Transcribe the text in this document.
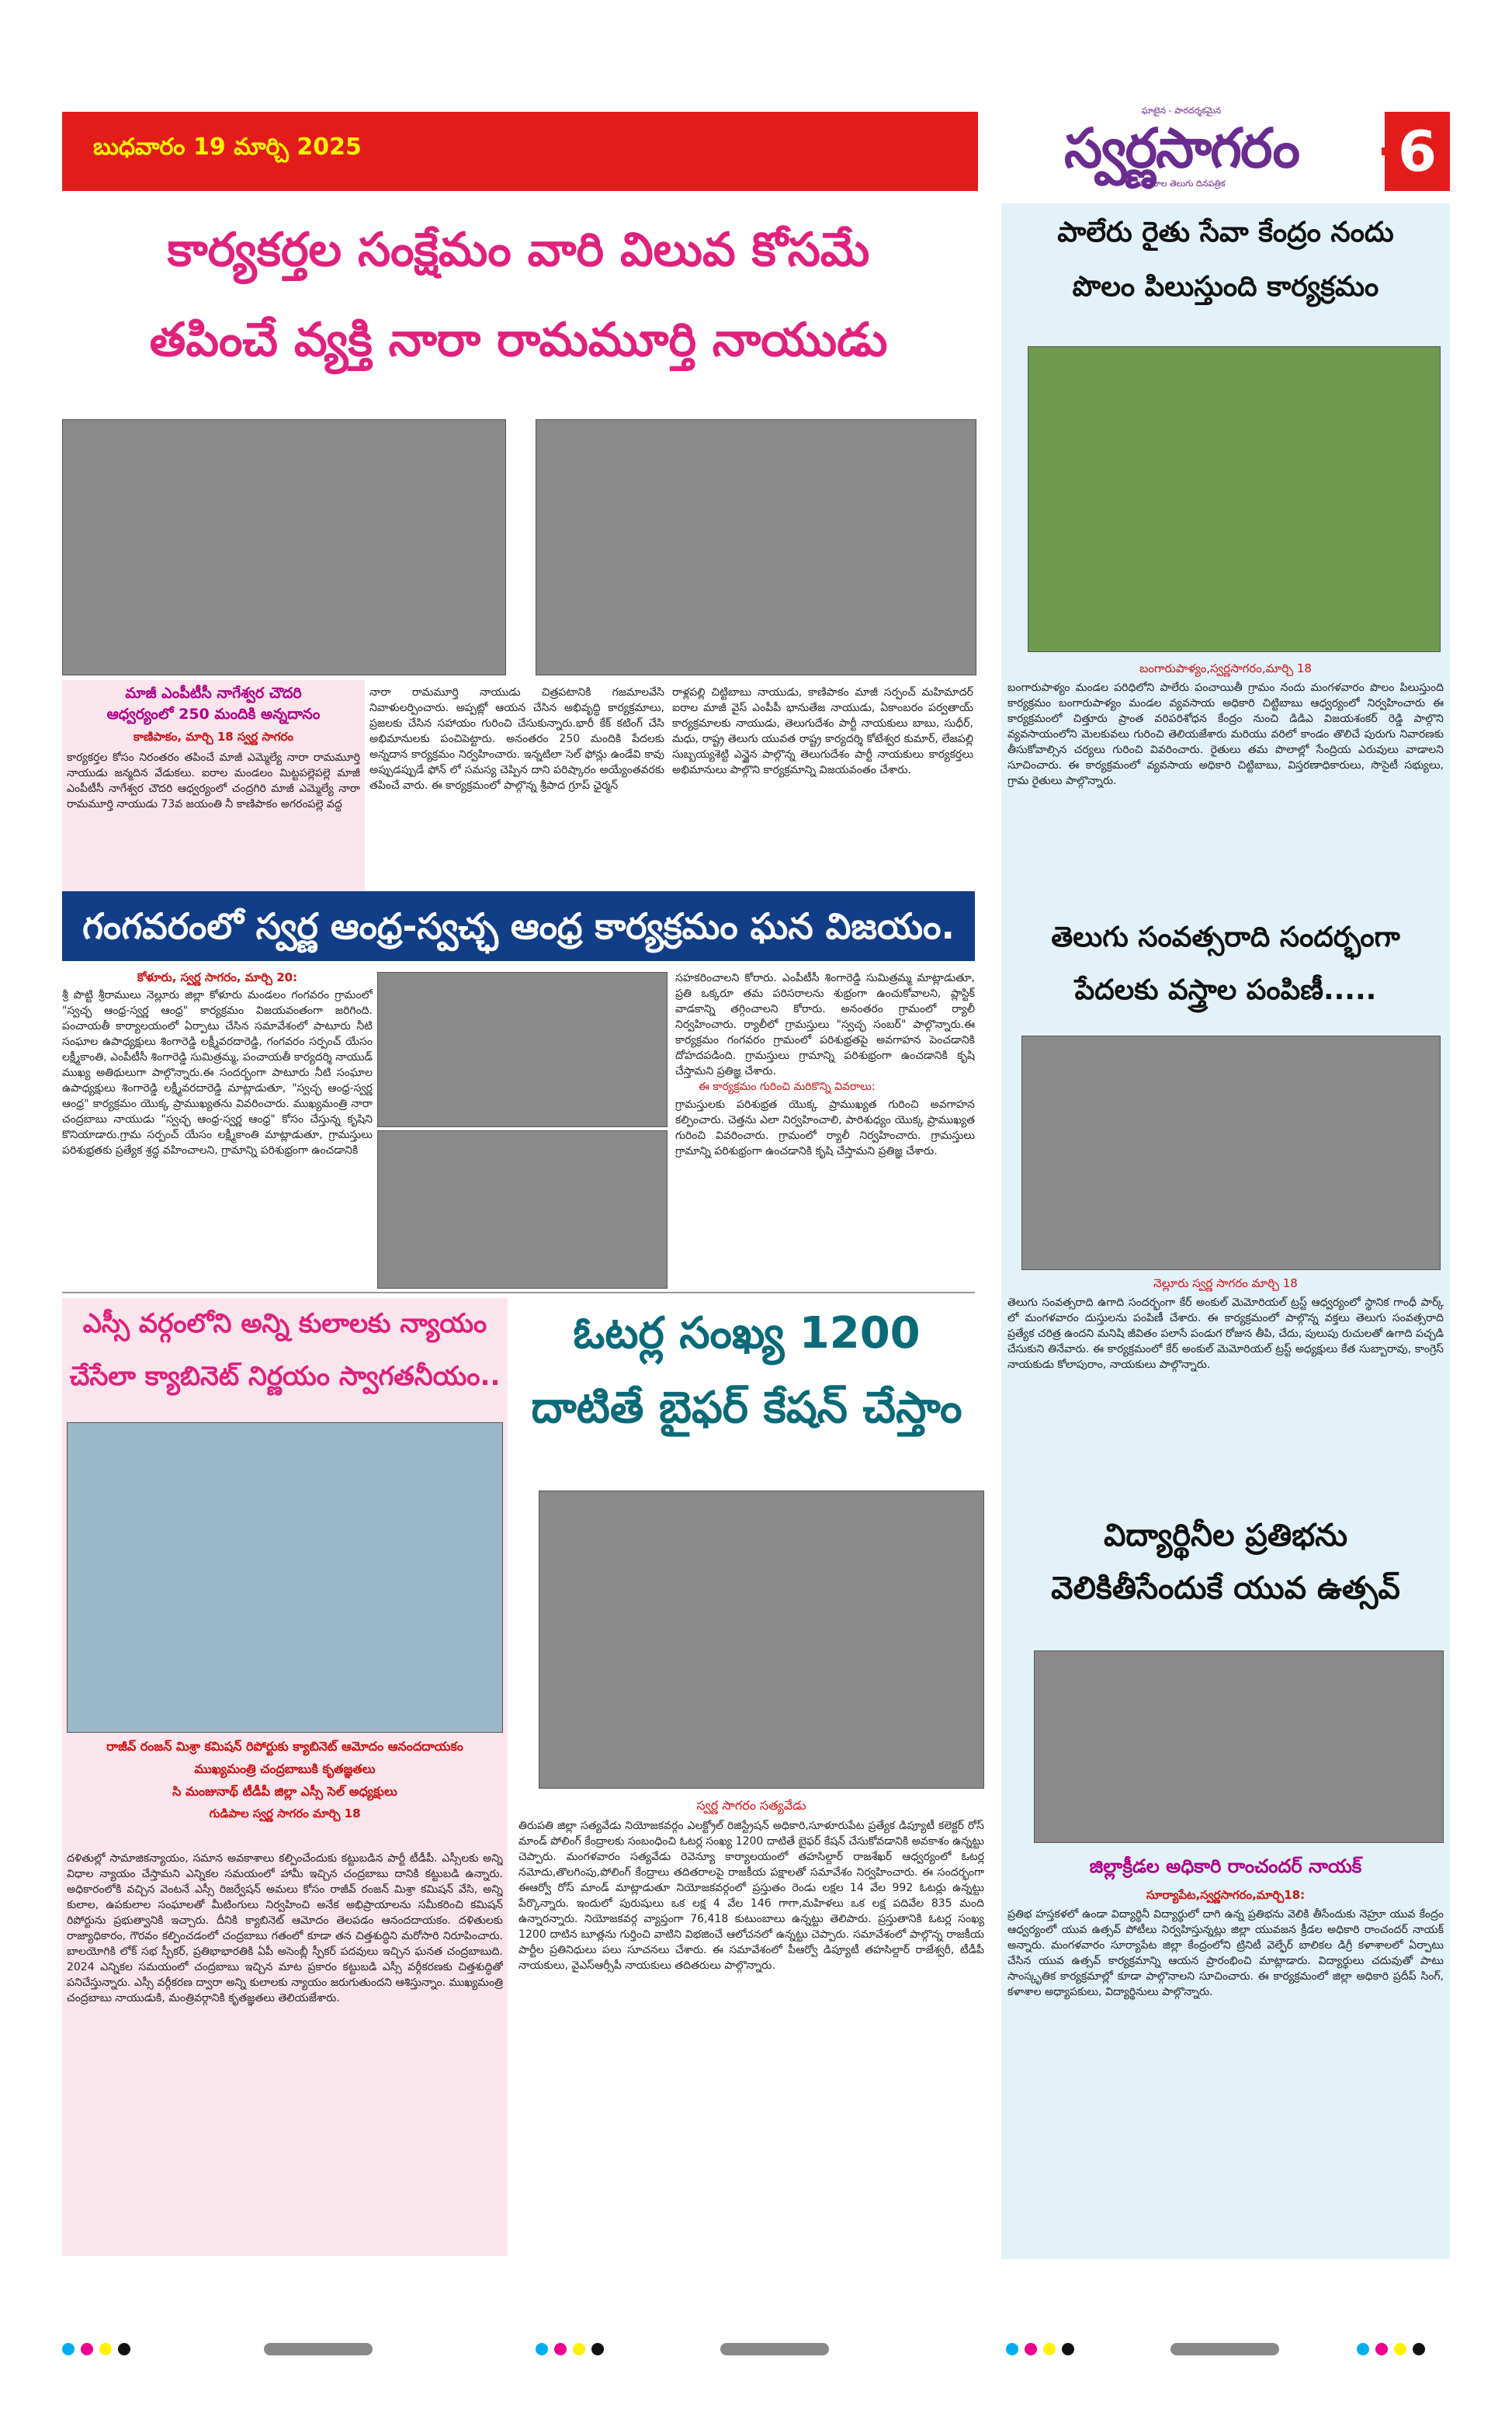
బుధవారం 19 మార్చి 2025
ఘాటైన - పారదర్శకమైన
స్వర్ణసాగరం
వాస్తవాల తెలుగు దినపత్రిక	6
కార్యకర్తల సంక్షేమం వారి విలువ కోసమే
తపించే వ్యక్తి నారా రామమూర్తి నాయుడు
మాజీ ఎంపీటీసీ నాగేశ్వర చౌదరి
ఆధ్వర్యంలో 250 మందికి అన్నదానం
కాణిపాకం, మార్చి 18 స్వర్ణ సాగరం
కార్యకర్తల కోసం నిరంతరం తపించే మాజీ ఎమ్మెల్యే నారా రామమూర్తి నాయుడు జన్మదిన వేడుకలు. ఐరాల మండలం మిట్టపల్లెపల్లె మాజీ ఎంపీటీసీ నాగేశ్వర చౌదరి ఆధ్వర్యంలో చంద్రగిరి మాజీ ఎమ్మెల్యే నారా రామమూర్తి నాయుడు 73వ జయంతి నీ కాణిపాకం అగరంపల్లె వద్ద
నారా రామమూర్తి నాయుడు చిత్రపటానికి గజమాలవేసి నివాళులర్పించారు. అప్పట్లో ఆయన చేసిన అభివృద్ధి కార్యక్రమాలు, ప్రజలకు చేసిన సహాయం గురించి చేసుకున్నారు.భారీ కేక్ కటింగ్ చేసి అభిమానులకు పంచిపెట్టారు. అనంతరం 250 మందికి పేదలకు అన్నదాన కార్యక్రమం నిర్వహించారు. ఇన్నటిలా సెల్ ఫోన్లు ఉండేవి కావు అప్పుడప్పుడే ఫోన్ లో సమస్య చెప్పిన దాని పరిష్కారం అయ్యేంతవరకు తపించే వారు. ఈ కార్యక్రమంలో పాల్గొన్న శ్రీపాద గ్రూప్ ఛైర్మన్
రాళ్లపల్లి చిట్టిబాబు నాయుడు, కాణిపాకం మాజీ సర్పంచ్ మహిమాదర్ ఐరాల మాజీ వైస్ ఎంపీపీ భానుతేజ నాయుడు, ఏకాంబరం పర్వతాయ్ కార్యక్రమాలకు నాయుడు, తెలుగుదేశం పార్టీ నాయకులు బాబు, సుధీర్, మధు, రాష్ట్ర తెలుగు యువత రాష్ట్ర కార్యదర్శి కోటేశ్వర కుమార్, లేజపల్లి సుబ్బయ్యశెట్టి ఎన్జైన పాల్గొన్న తెలుగుదేశం పార్టీ నాయకులు కార్యకర్తలు అభిమానులు పాల్గొని కార్యక్రమాన్ని విజయవంతం చేశారు.
గంగవరంలో స్వర్ణ ఆంధ్ర-స్వచ్ఛ ఆంధ్ర కార్యక్రమం ఘన విజయం.
కోళూరు, స్వర్ణ సాగరం, మార్చి 20:
శ్రీ పొట్టి శ్రీరాములు నెల్లూరు జిల్లా కోళూరు మండలం గంగవరం గ్రామంలో "స్వచ్ఛ ఆంధ్ర-స్వర్ణ ఆంధ్ర" కార్యక్రమం విజయవంతంగా జరిగింది. పంచాయతీ కార్యాలయంలో ఏర్పాటు చేసిన సమావేశంలో పాటూరు నీటి సంఘాల ఉపాధ్యక్షులు శింగారెడ్డి లక్ష్మీవరదారెడ్డి, గంగవరం సర్పంచ్ యేసం లక్ష్మీకాంతి, ఎంపీటీసీ శింగారెడ్డి సుమిత్రమ్మ, పంచాయతీ కార్యదర్శి నాయుడ్ ముఖ్య అతిథులుగా పాల్గొన్నారు.ఈ సందర్భంగా పాటూరు నీటి సంఘాల ఉపాధ్యక్షులు శింగారెడ్డి లక్ష్మీవరదారెడ్డి మాట్లాడుతూ, "స్వచ్ఛ ఆంధ్ర-స్వర్ణ ఆంధ్ర" కార్యక్రమం యొక్క ప్రాముఖ్యతను వివరించారు. ముఖ్యమంత్రి నారా చంద్రబాబు నాయుడు "స్వచ్ఛ ఆంధ్ర-స్వర్ణ ఆంధ్ర" కోసం చేస్తున్న కృషిని కొనియాడారు.గ్రామ సర్పంచ్ యేసం లక్ష్మీకాంతి మాట్లాడుతూ, గ్రామస్తులు పరిశుభ్రతకు ప్రత్యేక శ్రద్ధ వహించాలని, గ్రామాన్ని పరిశుభ్రంగా ఉంచడానికి
సహకరించాలని కోరారు. ఎంపీటీసీ శింగారెడ్డి సుమిత్రమ్మ మాట్లాడుతూ, ప్రతి ఒక్కరూ తమ పరిసరాలను శుభ్రంగా ఉంచుకోవాలని, ప్లాస్టిక్ వాడకాన్ని తగ్గించాలని కోరారు. అనంతరం గ్రామంలో ర్యాలీ నిర్వహించారు. ర్యాలీలో గ్రామస్తులు "స్వచ్ఛ సంబర్" పాల్గొన్నారు.ఈ కార్యక్రమం గంగవరం గ్రామంలో పరిశుభ్రతపై అవగాహన పెంచడానికి దోహదపడింది. గ్రామస్తులు గ్రామాన్ని పరిశుభ్రంగా ఉంచడానికి కృషి చేస్తామని ప్రతిజ్ఞ చేశారు.
ఈ కార్యక్రమం గురించి మరికొన్ని వివరాలు:
గ్రామస్తులకు పరిశుభ్రత యొక్క ప్రాముఖ్యత గురించి అవగాహన కల్పించారు. చెత్తను ఎలా నిర్వహించాలి, పారిశుధ్యం యొక్క ప్రాముఖ్యత గురించి వివరించారు. గ్రామంలో ర్యాలీ నిర్వహించారు. గ్రామస్తులు గ్రామాన్ని పరిశుభ్రంగా ఉంచడానికి కృషి చేస్తామని ప్రతిజ్ఞ చేశారు.
ఎస్సీ వర్గంలోని అన్ని కులాలకు న్యాయం
చేసేలా క్యాబినెట్ నిర్ణయం స్వాగతనీయం..
రాజీవ్ రంజన్ మిశ్రా కమిషన్ రిపోర్టుకు క్యాబినెట్ ఆమోదం ఆనందదాయకం
ముఖ్యమంత్రి చంద్రబాబుకి కృతజ్ఞతలు
సి మంజునాథ్ టీడీపీ జిల్లా ఎస్సీ సెల్ అధ్యక్షులు
గుడిపాల స్వర్ణ సాగరం మార్చి 18
దళితుల్లో సామాజికన్యాయం, సమాన అవకాశాలు కల్పించేందుకు కట్టుబడిన పార్టీ టీడీపీ. ఎస్సీలకు అన్ని విధాల న్యాయం చేస్తామని ఎన్నికల సమయంలో హామీ ఇచ్చిన చంద్రబాబు దానికి కట్టుబడి ఉన్నారు. అధికారంలోకి వచ్చిన వెంటనే ఎస్సీ రిజర్వేషన్ అమలు కోసం రాజీవ్ రంజన్ మిశ్రా కమిషన్ వేసి, అన్ని కులాల, ఉపకులాల సంఘాలతో మీటింగులు నిర్వహించి అనేక అభిప్రాయాలను సమీకరించి కమిషన్ రిపోర్టును ప్రభుత్వానికి ఇచ్చారు. దీనికి క్యాబినెట్ ఆమోదం తెలపడం ఆనందదాయకం. దళితులకు రాజ్యాధికారం, గౌరవం కల్పించడంలో చంద్రబాబు గతంలో కూడా తన చిత్తశుద్ధిని మరోసారి నిరూపించారు. బాలయోగికి లోక్ సభ స్పీకర్, ప్రతిభాభారతికి ఏపీ అసెంబ్లీ స్పీకర్ పదవులు ఇచ్చిన ఘనత చంద్రబాబుది. 2024 ఎన్నికల సమయంలో చంద్రబాబు ఇచ్చిన మాట ప్రకారం కట్టుబడి ఎస్సీ వర్గీకరణకు చిత్తశుద్ధితో పనిచేస్తున్నారు. ఎస్సీ వర్గీకరణ ద్వారా అన్ని కులాలకు న్యాయం జరుగుతుందని ఆశిస్తున్నాం. ముఖ్యమంత్రి చంద్రబాబు నాయుడుకి, మంత్రివర్గానికి కృతజ్ఞతలు తెలియజేశారు.
ఓటర్ల సంఖ్య 1200
దాటితే బైఫర్ కేషన్ చేస్తాం
స్వర్ణ సాగరం సత్యవేడు
తిరుపతి జిల్లా సత్యవేడు నియోజకవర్గం ఎలక్ట్రోల్ రిజిస్ట్రేషన్ అధికారి,సూళూరుపేట ప్రత్యేక డిప్యూటీ కలెక్టర్ రోస్ మాండ్ పోలింగ్ కేంద్రాలకు సంబంధించి ఓటర్ల సంఖ్య 1200 దాటితే బైఫర్ కేషన్ చేసుకోవడానికి అవకాశం ఉన్నట్టు చెప్పారు. మంగళవారం సత్యవేడు రెవెన్యూ కార్యాలయంలో తహసిల్దార్ రాజశేఖర్ ఆధ్వర్యంలో ఓటర్ల నమోదు,తొలగింపు,పోలింగ్ కేంద్రాలు తదితరాలపై రాజకీయ పక్షాలతో సమావేశం నిర్వహించారు. ఈ సందర్భంగా ఈఆర్వో రోస్ మాండ్ మాట్లాడుతూ నియోజకవర్గంలో ప్రస్తుతం రెండు లక్షల 14 వేల 992 ఓటర్లు ఉన్నట్టు పేర్కొన్నారు. ఇందులో పురుషులు ఒక లక్ష 4 వేల 146 గాగా,మహిళలు ఒక లక్ష పదివేల 835 మంది ఉన్నారన్నారు. నియోజకవర్గ వ్యాప్తంగా 76,418 కుటుంబాలు ఉన్నట్టు తెలిపారు. ప్రస్తుతానికి ఓటర్ల సంఖ్య 1200 దాటిన బూత్లను గుర్తించి వాటిని విభజించే ఆలోచనలో ఉన్నట్టు చెప్పారు. సమావేశంలో పాల్గొన్న రాజకీయ పార్టీల ప్రతినిధులు పలు సూచనలు చేశారు. ఈ సమావేశంలో పీఆర్వో డిప్యూటీ తహసిల్దార్ రాజేశ్వరీ, టీడీపీ నాయకులు, వైఎస్ఆర్సీపీ నాయకులు తదితరులు పాల్గొన్నారు.
పాలేరు రైతు సేవా కేంద్రం నందు
పొలం పిలుస్తుంది కార్యక్రమం
బంగారుపాళ్యం,స్వర్ణసాగరం,మార్చి 18
బంగారుపాళ్యం మండల పరిధిలోని పాలేరు పంచాయితీ గ్రామం నందు మంగళవారం పొలం పిలుస్తుంది కార్యక్రమం బంగారుపాళ్యం మండల వ్యవసాయ అధికారి చిట్టిబాబు ఆధ్వర్యంలో నిర్వహించారు ఈ కార్యక్రమంలో చిత్తూరు ప్రాంత వరిపరిశోధన కేంద్రం నుంచి డిడిఎ విజయశంకర్ రెడ్డి పాల్గొని వ్యవసాయంలోని మెలకువలు గురించి తెలియజేశారు మరియు వరిలో కాండం తొలిచే పురుగు నివారణకు తీసుకోవాల్సిన చర్యలు గురించి వివరించారు. రైతులు తమ పొలాల్లో సేంద్రియ ఎరువులు వాడాలని సూచించారు. ఈ కార్యక్రమంలో వ్యవసాయ అధికారి చిట్టిబాబు, విస్తరణాధికారులు, సొసైటీ సభ్యులు, గ్రామ రైతులు పాల్గొన్నారు.
తెలుగు సంవత్సరాది సందర్భంగా
పేదలకు వస్త్రాల పంపిణీ.....
నెల్లూరు స్వర్ణ సాగరం మార్చి 18
తెలుగు సంవత్సరాది ఉగాది సందర్భంగా కేర్ అంకుల్ మెమోరియల్ ట్రస్ట్ ఆధ్వర్యంలో స్థానిక గాంధీ పార్క్ లో మంగళవారం దుస్తులను పంపిణీ చేశారు. ఈ కార్యక్రమంలో పాల్గొన్న వక్తలు తెలుగు సంవత్సరాది ప్రత్యేక చరిత్ర ఉందని మనిషి జీవితం పలాసే పండుగ రోజున తీపి, చేదు, పులుపు రుచులతో ఉగాది పచ్చడి చేసుకుని తినేవారు. ఈ కార్యక్రమంలో కేర్ అంకుల్ మెమోరియల్ ట్రస్ట్ అధ్యక్షులు కేత సుబ్బారావు, కాంగ్రెస్ నాయకుడు కోలాపురాం, నాయకులు పాల్గొన్నారు.
విద్యార్థినీల ప్రతిభను
వెలికితీసేందుకే యువ ఉత్సవ్
జిల్లాక్రీడల అధికారి రాంచందర్ నాయక్
సూర్యాపేట,స్వర్ణసాగరం,మార్చి18:
ప్రతిభ హస్తకళలో ఉండా విద్యార్థినీ విద్యార్థులో దాగి ఉన్న ప్రతిభను వెలికి తీసేందుకు నెహ్రూ యువ కేంద్రం ఆధ్వర్యంలో యువ ఉత్సవ్ పోటీలు నిర్వహిస్తున్నట్లు జిల్లా యువజన క్రీడల అధికారి రాంచందర్ నాయక్ అన్నారు. మంగళవారం సూర్యాపేట జిల్లా కేంద్రంలోని ట్రినిటీ వెల్ఫేర్ బాలికల డిగ్రీ కళాశాలలో ఏర్పాటు చేసిన యువ ఉత్సవ్ కార్యక్రమాన్ని ఆయన ప్రారంభించి మాట్లాడారు. విద్యార్థులు చదువుతో పాటు సాంస్కృతిక కార్యక్రమాల్లో కూడా పాల్గొనాలని సూచించారు. ఈ కార్యక్రమంలో జిల్లా అధికారి ప్రదీప్ సింగ్, కళాశాల అధ్యాపకులు, విద్యార్థినులు పాల్గొన్నారు.
